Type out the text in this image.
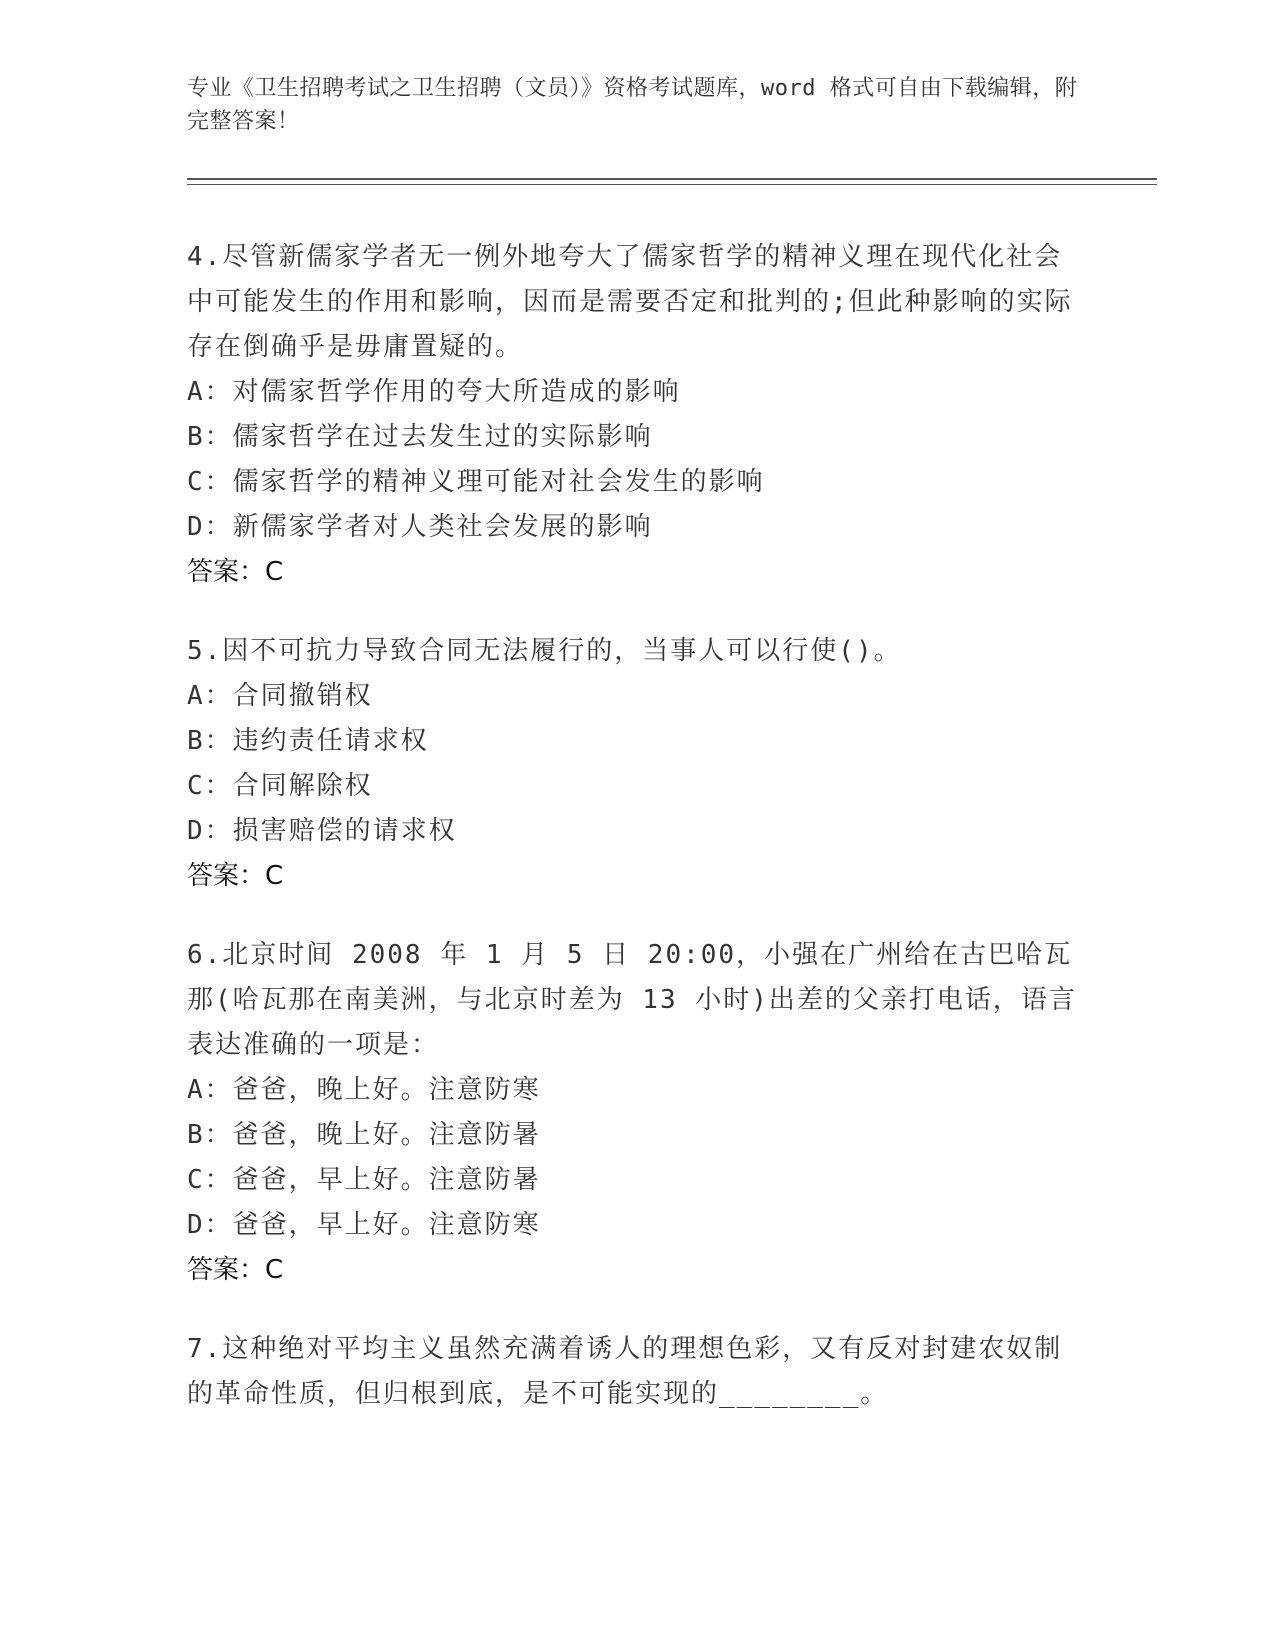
专业《卫生招聘考试之卫生招聘（文员）》资格考试题库，word 格式可自由下载编辑，附完整答案！
4.尽管新儒家学者无一例外地夸大了儒家哲学的精神义理在现代化社会中可能发生的作用和影响，因而是需要否定和批判的;但此种影响的实际存在倒确乎是毋庸置疑的。
A：对儒家哲学作用的夸大所造成的影响
B：儒家哲学在过去发生过的实际影响
C：儒家哲学的精神义理可能对社会发生的影响
D：新儒家学者对人类社会发展的影响
答案：C
5.因不可抗力导致合同无法履行的，当事人可以行使()。
A：合同撤销权
B：违约责任请求权
C：合同解除权
D：损害赔偿的请求权
答案：C
6.北京时间 2008 年 1 月 5 日 20:00，小强在广州给在古巴哈瓦那(哈瓦那在南美洲，与北京时差为 13 小时)出差的父亲打电话，语言表达准确的一项是：
A：爸爸，晚上好。注意防寒
B：爸爸，晚上好。注意防暑
C：爸爸，早上好。注意防暑
D：爸爸，早上好。注意防寒
答案：C
7.这种绝对平均主义虽然充满着诱人的理想色彩，又有反对封建农奴制的革命性质，但归根到底，是不可能实现的________。
